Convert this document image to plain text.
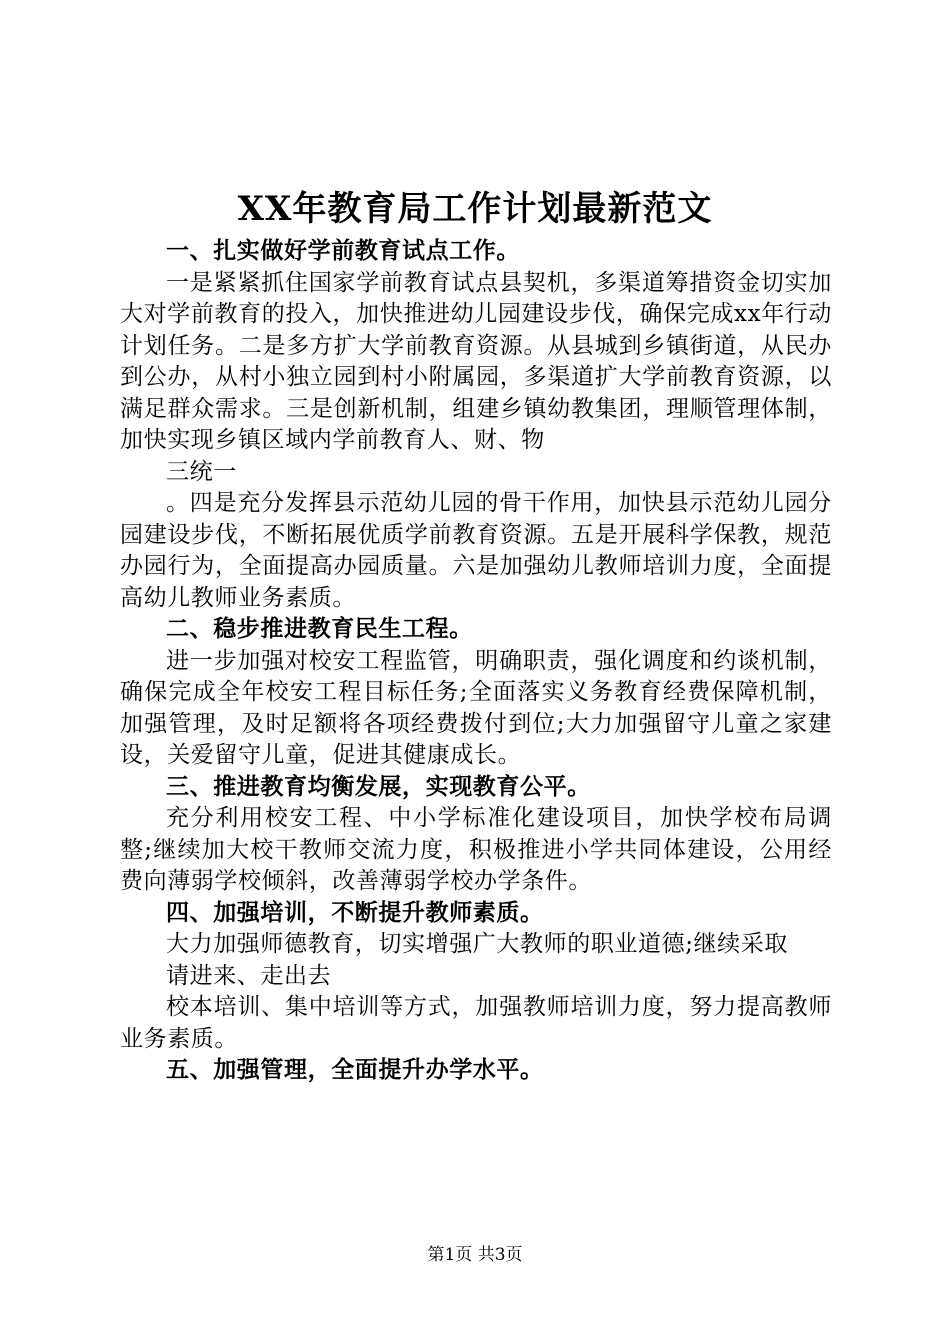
XX年教育局工作计划最新范文

一、扎实做好学前教育试点工作。

一是紧紧抓住国家学前教育试点县契机，多渠道筹措资金切实加大对学前教育的投入，加快推进幼儿园建设步伐，确保完成xx年行动计划任务。二是多方扩大学前教育资源。从县城到乡镇街道，从民办到公办，从村小独立园到村小附属园，多渠道扩大学前教育资源，以满足群众需求。三是创新机制，组建乡镇幼教集团，理顺管理体制，加快实现乡镇区域内学前教育人、财、物

三统一

。四是充分发挥县示范幼儿园的骨干作用，加快县示范幼儿园分园建设步伐，不断拓展优质学前教育资源。五是开展科学保教，规范办园行为，全面提高办园质量。六是加强幼儿教师培训力度，全面提高幼儿教师业务素质。

二、稳步推进教育民生工程。

进一步加强对校安工程监管，明确职责，强化调度和约谈机制，确保完成全年校安工程目标任务;全面落实义务教育经费保障机制，加强管理，及时足额将各项经费拨付到位;大力加强留守儿童之家建设，关爱留守儿童，促进其健康成长。

三、推进教育均衡发展，实现教育公平。

充分利用校安工程、中小学标准化建设项目，加快学校布局调整;继续加大校干教师交流力度，积极推进小学共同体建设，公用经费向薄弱学校倾斜，改善薄弱学校办学条件。

四、加强培训，不断提升教师素质。

大力加强师德教育，切实增强广大教师的职业道德;继续采取

请进来、走出去

校本培训、集中培训等方式，加强教师培训力度，努力提高教师业务素质。

五、加强管理，全面提升办学水平。

第1页 共3页
